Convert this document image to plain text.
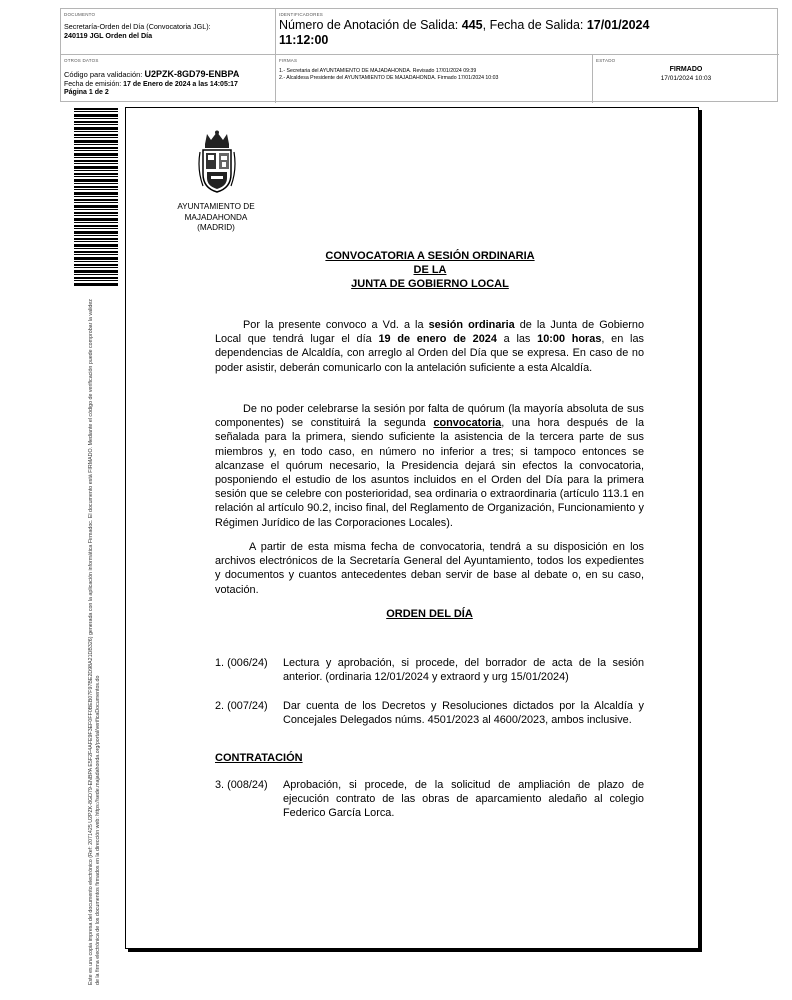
DOCUMENTO
Secretaría-Orden del Día (Convocatoria JGL):
240119 JGL Orden del Día
IDENTIFICADORES
Número de Anotación de Salida: 445, Fecha de Salida: 17/01/2024
11:12:00
OTROS DATOS
Código para validación: U2PZK-8GD79-ENBPA
Fecha de emisión: 17 de Enero de 2024 a las 14:05:17
Página 1 de 2
FIRMAS
1.- Secretaria del AYUNTAMIENTO DE MAJADAHONDA. Revisado 17/01/2024 09:39
2.- Alcaldesa Presidente del AYUNTAMIENTO DE MAJADAHONDA. Firmado 17/01/2024 10:03
ESTADO
FIRMADO
17/01/2024 10:03
Este es una copia impresa del documento electrónico (Ref: 2071425 U2PZK-8GD79-ENBPA E5F2F4AFE9F3EF0FF0BEB07F97BE2D98A21DB326) generada con la aplicación informática Firmadoc. El documento está FIRMADO. Mediante el código de verificación puede comprobar la validez de la firma electrónica de los documentos firmados en la dirección web: https://sede.majadahonda.org/portal/verificaDocumentos.do
AYUNTAMIENTO DE
MAJADAHONDA
(MADRID)
CONVOCATORIA A SESIÓN ORDINARIA
DE LA
JUNTA DE GOBIERNO LOCAL
Por la presente convoco a Vd. a la sesión ordinaria de la Junta de Gobierno Local que tendrá lugar el día 19 de enero de 2024 a las 10:00 horas, en las dependencias de Alcaldía, con arreglo al Orden del Día que se expresa. En caso de no poder asistir, deberán comunicarlo con la antelación suficiente a esta Alcaldía.
De no poder celebrarse la sesión por falta de quórum (la mayoría absoluta de sus componentes) se constituirá la segunda convocatoria, una hora después de la señalada para la primera, siendo suficiente la asistencia de la tercera parte de sus miembros y, en todo caso, en número no inferior a tres; si tampoco entonces se alcanzase el quórum necesario, la Presidencia dejará sin efectos la convocatoria, posponiendo el estudio de los asuntos incluidos en el Orden del Día para la primera sesión que se celebre con posterioridad, sea ordinaria o extraordinaria (artículo 113.1 en relación al artículo 90.2, inciso final, del Reglamento de Organización, Funcionamiento y Régimen Jurídico de las Corporaciones Locales).
A partir de esta misma fecha de convocatoria, tendrá a su disposición en los archivos electrónicos de la Secretaría General del Ayuntamiento, todos los expedientes y documentos y cuantos antecedentes deban servir de base al debate o, en su caso, votación.
ORDEN DEL DÍA
1. (006/24)	Lectura y aprobación, si procede, del borrador de acta de la sesión anterior. (ordinaria 12/01/2024 y extraord y urg 15/01/2024)
2. (007/24)	Dar cuenta de los Decretos y Resoluciones dictados por la Alcaldía y Concejales Delegados núms. 4501/2023 al 4600/2023, ambos inclusive.
CONTRATACIÓN
3. (008/24)	Aprobación, si procede, de la solicitud de ampliación de plazo de ejecución contrato de las obras de aparcamiento aledaño al colegio Federico García Lorca.
